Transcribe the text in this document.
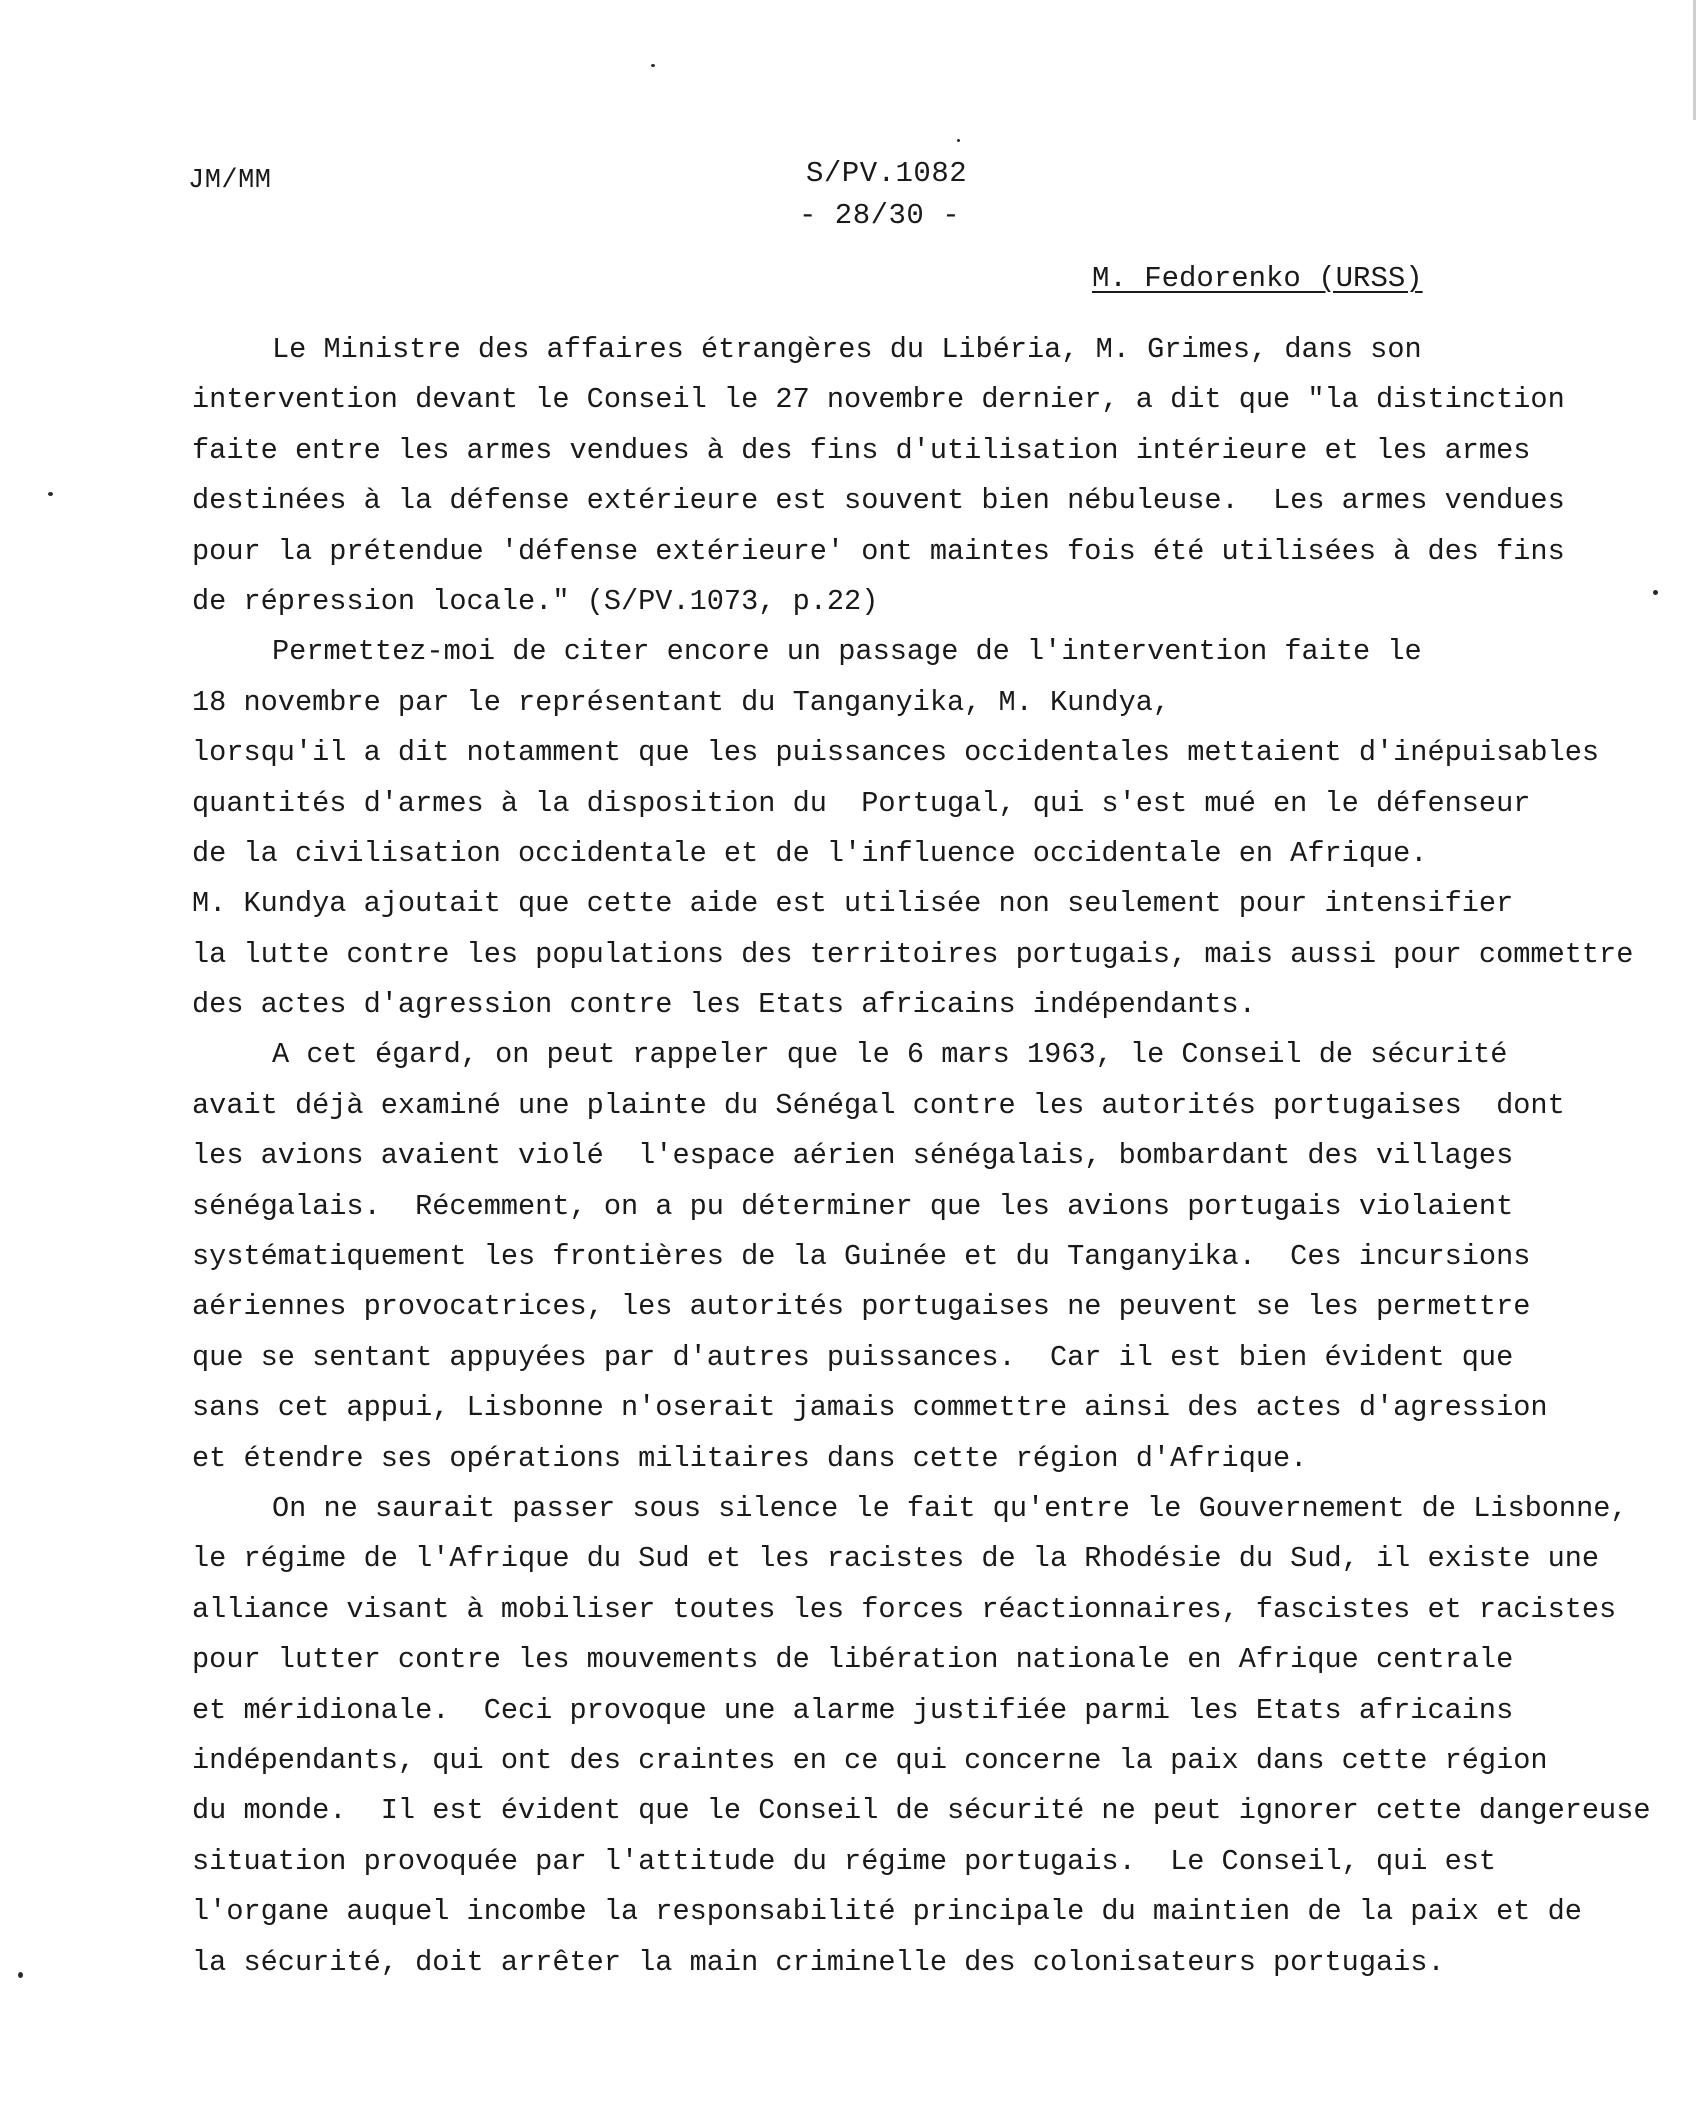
JM/MM	S/PV.1082
- 28/30 -
M. Fedorenko (URSS)
Le Ministre des affaires étrangères du Libéria, M. Grimes, dans son
intervention devant le Conseil le 27 novembre dernier, a dit que "la distinction
faite entre les armes vendues à des fins d'utilisation intérieure et les armes
destinées à la défense extérieure est souvent bien nébuleuse.  Les armes vendues
pour la prétendue 'défense extérieure' ont maintes fois été utilisées à des fins
de répression locale." (S/PV.1073, p.22)
Permettez-moi de citer encore un passage de l'intervention faite le
18 novembre par le représentant du Tanganyika, M. Kundya,
lorsqu'il a dit notamment que les puissances occidentales mettaient d'inépuisables
quantités d'armes à la disposition du  Portugal, qui s'est mué en le défenseur
de la civilisation occidentale et de l'influence occidentale en Afrique.
M. Kundya ajoutait que cette aide est utilisée non seulement pour intensifier
la lutte contre les populations des territoires portugais, mais aussi pour commettre
des actes d'agression contre les Etats africains indépendants.
A cet égard, on peut rappeler que le 6 mars 1963, le Conseil de sécurité
avait déjà examiné une plainte du Sénégal contre les autorités portugaises  dont
les avions avaient violé  l'espace aérien sénégalais, bombardant des villages
sénégalais.  Récemment, on a pu déterminer que les avions portugais violaient
systématiquement les frontières de la Guinée et du Tanganyika.  Ces incursions
aériennes provocatrices, les autorités portugaises ne peuvent se les permettre
que se sentant appuyées par d'autres puissances.  Car il est bien évident que
sans cet appui, Lisbonne n'oserait jamais commettre ainsi des actes d'agression
et étendre ses opérations militaires dans cette région d'Afrique.
On ne saurait passer sous silence le fait qu'entre le Gouvernement de Lisbonne,
le régime de l'Afrique du Sud et les racistes de la Rhodésie du Sud, il existe une
alliance visant à mobiliser toutes les forces réactionnaires, fascistes et racistes
pour lutter contre les mouvements de libération nationale en Afrique centrale
et méridionale.  Ceci provoque une alarme justifiée parmi les Etats africains
indépendants, qui ont des craintes en ce qui concerne la paix dans cette région
du monde.  Il est évident que le Conseil de sécurité ne peut ignorer cette dangereuse
situation provoquée par l'attitude du régime portugais.  Le Conseil, qui est
l'organe auquel incombe la responsabilité principale du maintien de la paix et de
la sécurité, doit arrêter la main criminelle des colonisateurs portugais.
